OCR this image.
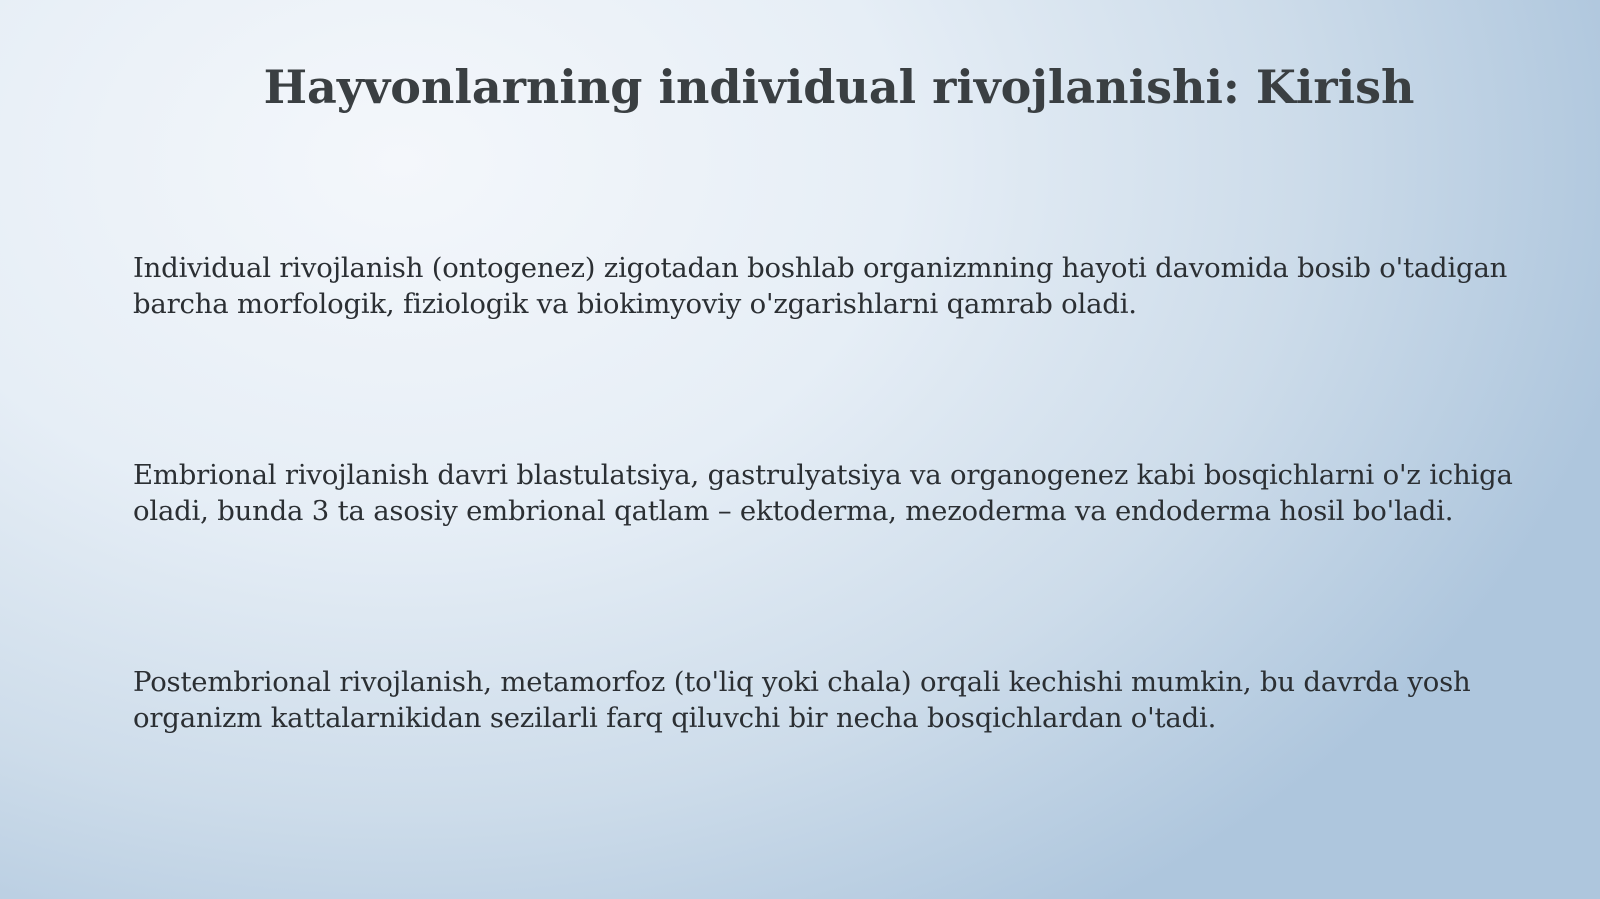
Hayvonlarning individual rivojlanishi: Kirish

Individual rivojlanish (ontogenez) zigotadan boshlab organizmning hayoti davomida bosib o'tadigan barcha morfologik, fiziologik va biokimyoviy o'zgarishlarni qamrab oladi.

Embrional rivojlanish davri blastulatsiya, gastrulyatsiya va organogenez kabi bosqichlarni o'z ichiga oladi, bunda 3 ta asosiy embrional qatlam – ektoderma, mezoderma va endoderma hosil bo'ladi.

Postembrional rivojlanish, metamorfoz (to'liq yoki chala) orqali kechishi mumkin, bu davrda yosh organizm kattalarnikidan sezilarli farq qiluvchi bir necha bosqichlardan o'tadi.
